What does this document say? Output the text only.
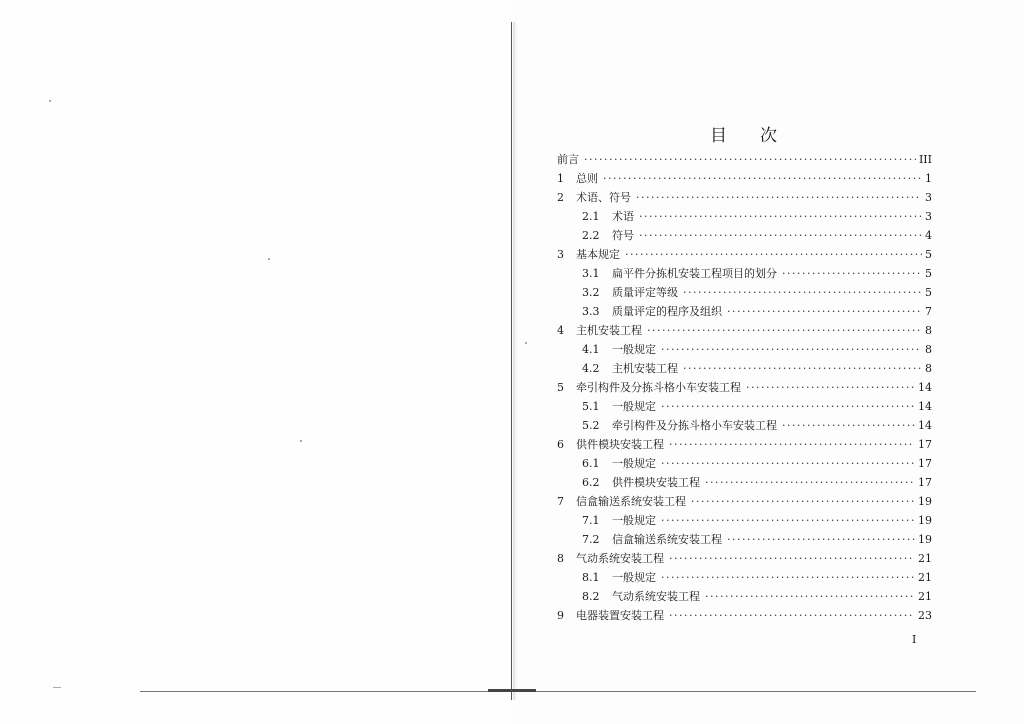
目 次
前言 ·····	III
1	总则 ·····	1
2	术语、符号 ·····	3
2.1	术语 ·····	3
2.2	符号 ·····	4
3	基本规定 ·····	5
3.1	扁平件分拣机安装工程项目的划分 ·····	5
3.2	质量评定等级 ·····	5
3.3	质量评定的程序及组织 ·····	7
4	主机安装工程 ·····	8
4.1	一般规定 ·····	8
4.2	主机安装工程 ·····	8
5	牵引构件及分拣斗格小车安装工程 ·····	14
5.1	一般规定 ·····	14
5.2	牵引构件及分拣斗格小车安装工程 ·····	14
6	供件模块安装工程 ·····	17
6.1	一般规定 ·····	17
6.2	供件模块安装工程 ·····	17
7	信盒输送系统安装工程 ·····	19
7.1	一般规定 ·····	19
7.2	信盒输送系统安装工程 ·····	19
8	气动系统安装工程 ·····	21
8.1	一般规定 ·····	21
8.2	气动系统安装工程 ·····	21
9	电器装置安装工程 ·····	23
I
